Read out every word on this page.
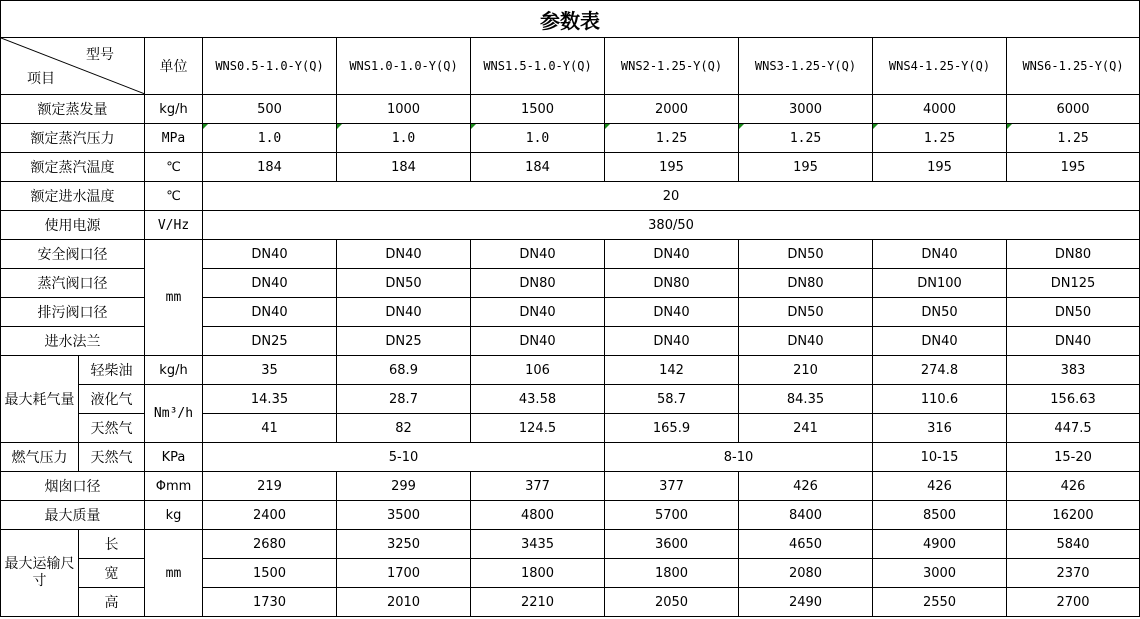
参数表									

型号
项目		单位	WNS0.5-1.0-Y(Q)	WNS1.0-1.0-Y(Q)	WNS1.5-1.0-Y(Q)	WNS2-1.25-Y(Q)	WNS3-1.25-Y(Q)	WNS4-1.25-Y(Q)	WNS6-1.25-Y(Q)
额定蒸发量		kg/h	500	1000	1500	2000	3000	4000	6000
额定蒸汽压力		MPa	1.0	1.0	1.0	1.25	1.25	1.25	1.25
额定蒸汽温度		℃	184	184	184	195	195	195	195
额定进水温度		℃	20						
使用电源		V/Hz	380/50						
安全阀口径		mm	DN40	DN40	DN40	DN40	DN50	DN40	DN80
蒸汽阀口径			DN40	DN50	DN80	DN80	DN80	DN100	DN125
排污阀口径			DN40	DN40	DN40	DN40	DN50	DN50	DN50
进水法兰			DN25	DN25	DN40	DN40	DN40	DN40	DN40
最大耗气量	轻柴油	kg/h	35	68.9	106	142	210	274.8	383
	液化气	Nm³/h	14.35	28.7	43.58	58.7	84.35	110.6	156.63
	天然气		41	82	124.5	165.9	241	316	447.5
燃气压力	天然气	KPa	5-10			8-10		10-15	15-20
烟囱口径		Φmm	219	299	377	377	426	426	426
最大质量		kg	2400	3500	4800	5700	8400	8500	16200
最大运输尺寸	长	mm	2680	3250	3435	3600	4650	4900	5840
	宽		1500	1700	1800	1800	2080	3000	2370
	高		1730	2010	2210	2050	2490	2550	2700
